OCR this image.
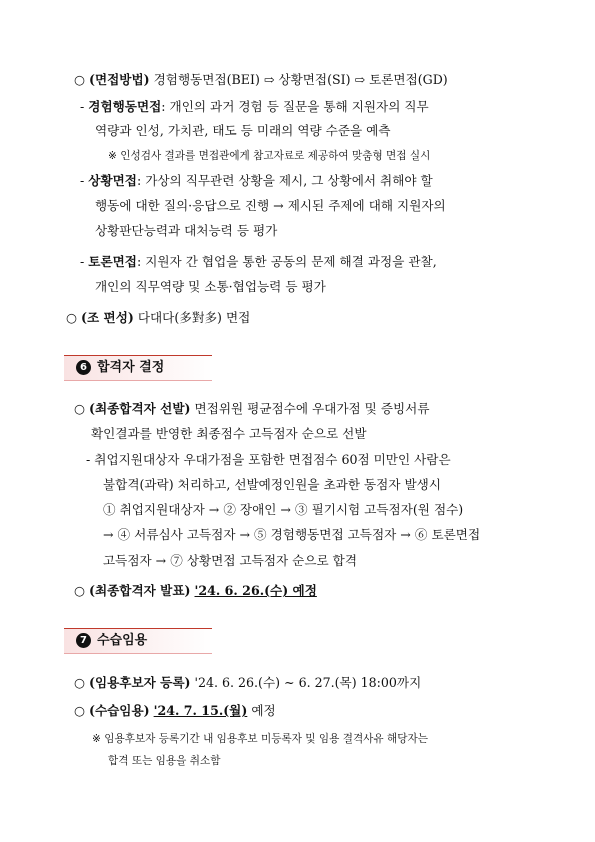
○ (면접방법) 경험행동면접(BEI) ⇨ 상황면접(SI) ⇨ 토론면접(GD)
- 경험행동면접: 개인의 과거 경험 등 질문을 통해 지원자의 직무
역량과 인성, 가치관, 태도 등 미래의 역량 수준을 예측
※ 인성검사 결과를 면접관에게 참고자료로 제공하여 맞춤형 면접 실시
- 상황면접: 가상의 직무관련 상황을 제시, 그 상황에서 취해야 할
행동에 대한 질의·응답으로 진행 → 제시된 주제에 대해 지원자의
상황판단능력과 대처능력 등 평가
- 토론면접: 지원자 간 협업을 통한 공동의 문제 해결 과정을 관찰,
개인의 직무역량 및 소통·협업능력 등 평가
○ (조 편성) 다대다(多對多) 면접
6 합격자 결정
○ (최종합격자 선발) 면접위원 평균점수에 우대가점 및 증빙서류
확인결과를 반영한 최종점수 고득점자 순으로 선발
- 취업지원대상자 우대가점을 포함한 면접점수 60점 미만인 사람은
불합격(과락) 처리하고, 선발예정인원을 초과한 동점자 발생시
① 취업지원대상자 → ② 장애인 → ③ 필기시험 고득점자(원 점수)
→ ④ 서류심사 고득점자 → ⑤ 경험행동면접 고득점자 → ⑥ 토론면접
고득점자 → ⑦ 상황면접 고득점자 순으로 합격
○ (최종합격자 발표) '24. 6. 26.(수) 예정
7 수습임용
○ (임용후보자 등록) '24. 6. 26.(수) ~ 6. 27.(목) 18:00까지
○ (수습임용) '24. 7. 15.(월) 예정
※ 임용후보자 등록기간 내 임용후보 미등록자 및 임용 결격사유 해당자는
합격 또는 임용을 취소함
